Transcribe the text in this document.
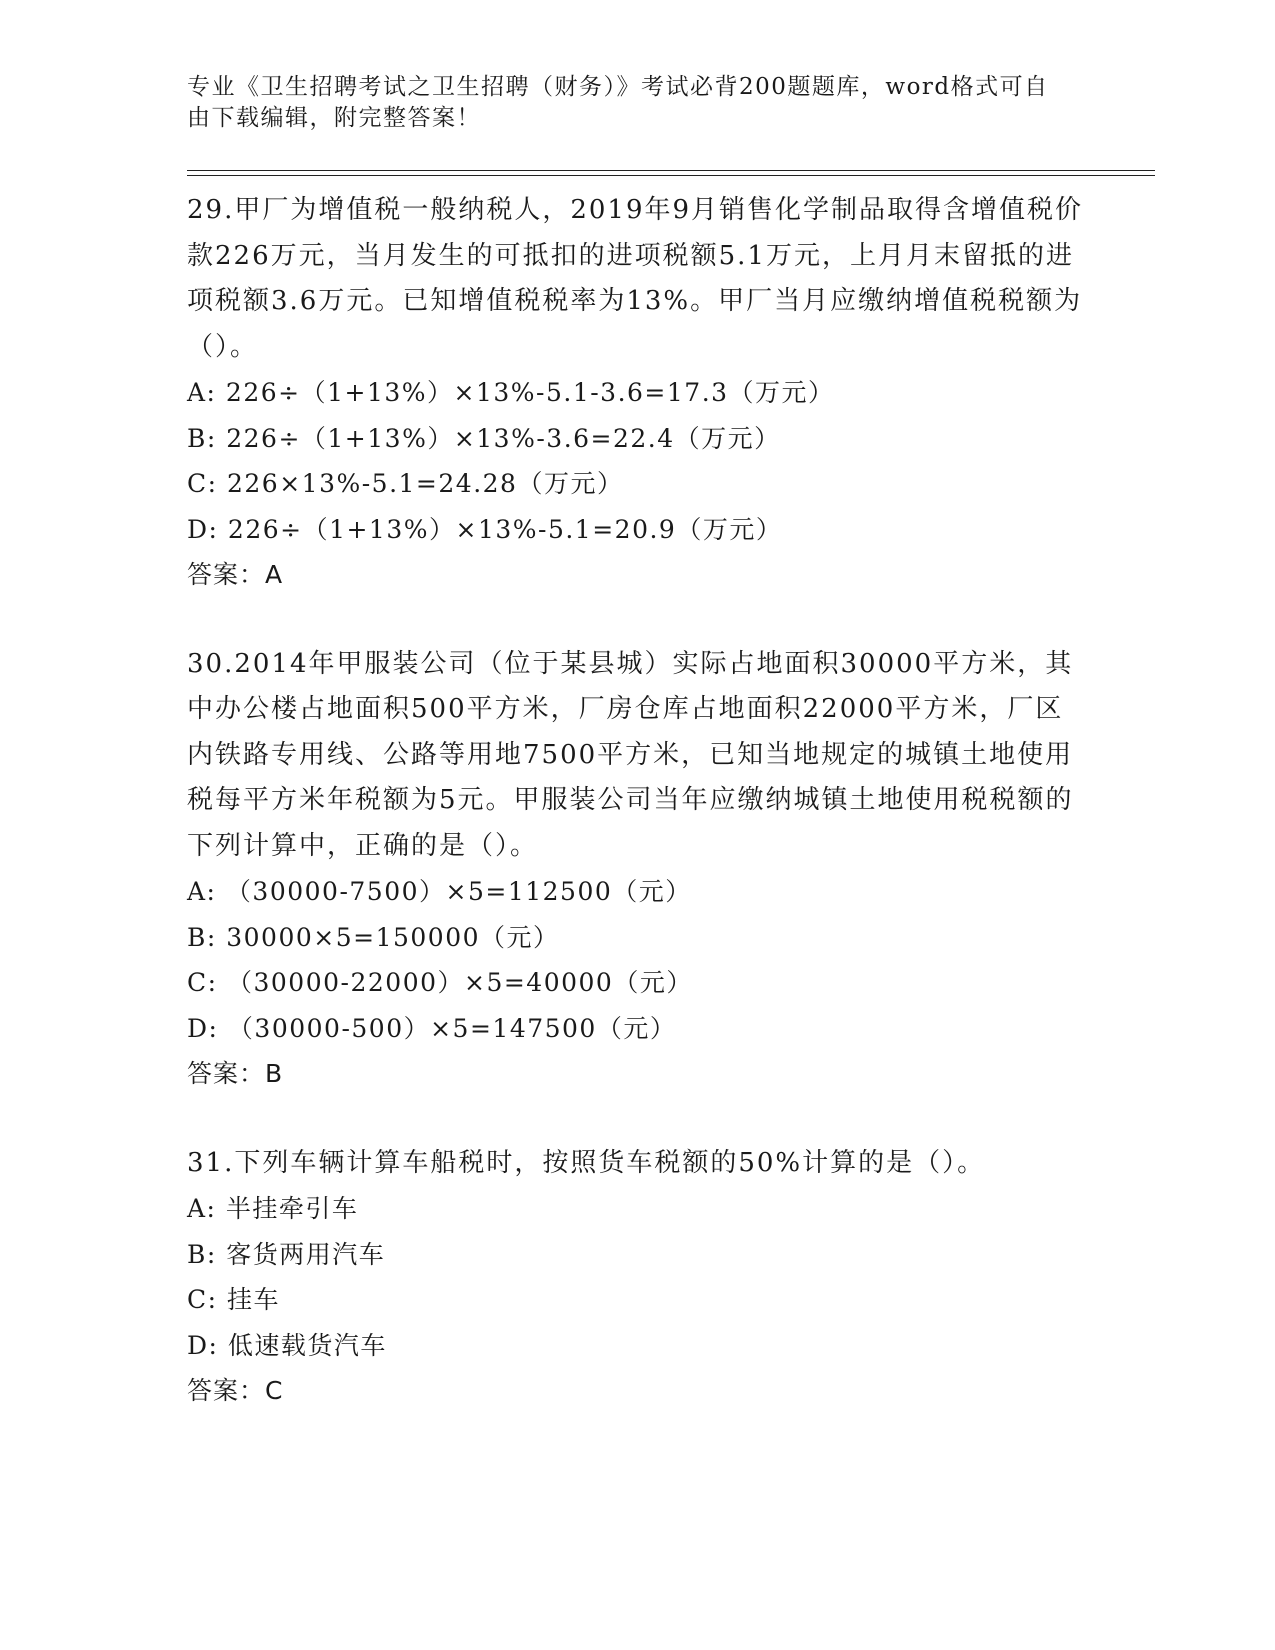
专业《卫生招聘考试之卫生招聘（财务）》考试必背200题题库，word格式可自由下载编辑，附完整答案！

29.甲厂为增值税一般纳税人，2019年9月销售化学制品取得含增值税价款226万元，当月发生的可抵扣的进项税额5.1万元，上月月末留抵的进项税额3.6万元。已知增值税税率为13%。甲厂当月应缴纳增值税税额为（）。

A: 226÷（1+13%）×13%-5.1-3.6=17.3（万元）

B: 226÷（1+13%）×13%-3.6=22.4（万元）

C: 226×13%-5.1=24.28（万元）

D: 226÷（1+13%）×13%-5.1=20.9（万元）

答案：A

30.2014年甲服装公司（位于某县城）实际占地面积30000平方米，其中办公楼占地面积500平方米，厂房仓库占地面积22000平方米，厂区内铁路专用线、公路等用地7500平方米，已知当地规定的城镇土地使用税每平方米年税额为5元。甲服装公司当年应缴纳城镇土地使用税税额的下列计算中，正确的是（）。

A: （30000-7500）×5=112500（元）

B: 30000×5=150000（元）

C: （30000-22000）×5=40000（元）

D: （30000-500）×5=147500（元）

答案：B

31.下列车辆计算车船税时，按照货车税额的50%计算的是（）。

A: 半挂牵引车

B: 客货两用汽车

C: 挂车

D: 低速载货汽车

答案：C
